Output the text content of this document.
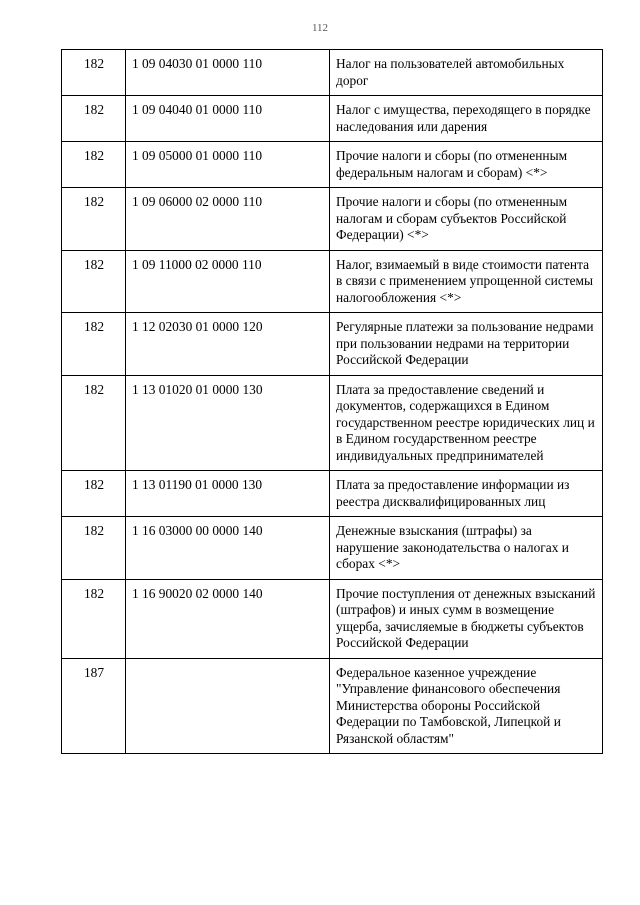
112
182	1 09 04030 01 0000 110	Налог на пользователей автомобильных дорог
182	1 09 04040 01 0000 110	Налог с имущества, переходящего в порядке наследования или дарения
182	1 09 05000 01 0000 110	Прочие налоги и сборы (по отмененным федеральным налогам и сборам) <*>
182	1 09 06000 02 0000 110	Прочие налоги и сборы (по отмененным налогам и сборам субъектов Российской Федерации) <*>
182	1 09 11000 02 0000 110	Налог, взимаемый в виде стоимости патента в связи с применением упрощенной системы налогообложения <*>
182	1 12 02030 01 0000 120	Регулярные платежи за пользование недрами при пользовании недрами на территории Российской Федерации
182	1 13 01020 01 0000 130	Плата за предоставление сведений и документов, содержащихся в Едином государственном реестре юридических лиц и в Едином государственном реестре индивидуальных предпринимателей
182	1 13 01190 01 0000 130	Плата за предоставление информации из реестра дисквалифицированных лиц
182	1 16 03000 00 0000 140	Денежные взыскания (штрафы) за нарушение законодательства о налогах и сборах <*>
182	1 16 90020 02 0000 140	Прочие поступления от денежных взысканий (штрафов) и иных сумм в возмещение ущерба, зачисляемые в бюджеты субъектов Российской Федерации
187		Федеральное казенное учреждение "Управление финансового обеспечения Министерства обороны Российской Федерации по Тамбовской, Липецкой и Рязанской областям"
